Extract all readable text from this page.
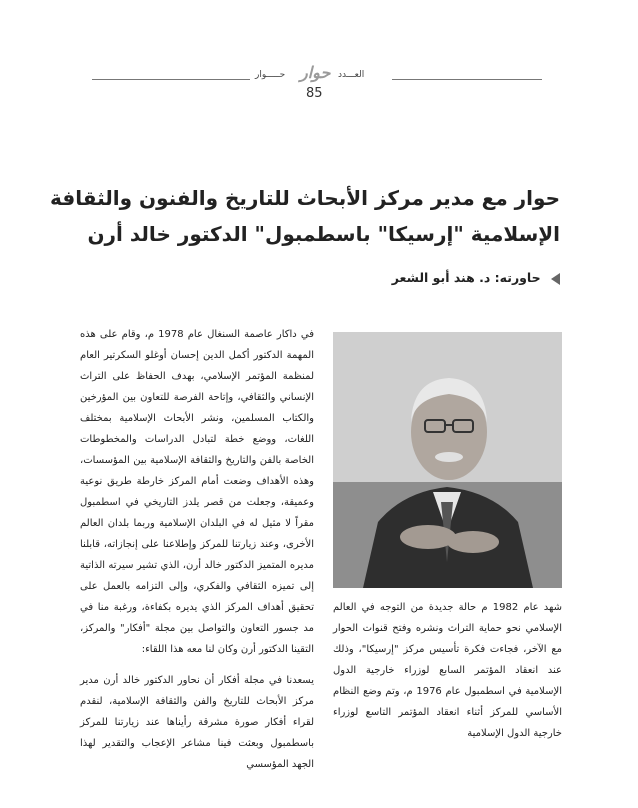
العـــدد
حوار
حـــــوار
85
حوار مع مدير مركز الأبحاث للتاريخ والفنون والثقافة
الإسلامية "إرسيكا" باسطمبول" الدكتور خالد أرن
حاورته: د. هند أبو الشعر

في داكار عاصمة السنغال عام 1978 م، وقام على هذه المهمة الدكتور أكمل الدين إحسان أوغلو السكرتير العام لمنظمة المؤتمر الإسلامي، بهدف الحفاظ على التراث الإنساني والثقافي، وإتاحة الفرصة للتعاون بين المؤرخين والكتاب المسلمين، ونشر الأبحاث الإسلامية بمختلف اللغات، ووضع خطة لتبادل الدراسات والمخطوطات الخاصة بالفن والتاريخ والثقافة الإسلامية بين المؤسسات، وهذه الأهداف وضعت أمام المركز خارطة طريق نوعية وعميقة، وجعلت من قصر يلدز التاريخي في اسطمبول مقراً لا مثيل له في البلدان الإسلامية وربما بلدان العالم الأخرى، وعند زيارتنا للمركز وإطلاعنا على إنجازاته، قابلنا مديره المتميز الدكتور خالد أرن، الذي تشير سيرته الذاتية إلى تميزه الثقافي والفكري، وإلى التزامه بالعمل على تحقيق أهداف المركز الذي يديره بكفاءة، ورغبة منا في مد جسور التعاون والتواصل بين مجلة "أفكار" والمركز، التقينا الدكتور أرن وكان لنا معه هذا اللقاء:

يسعدنا في مجلة أفكار أن نحاور الدكتور خالد أرن مدير مركز الأبحاث للتاريخ والفن والثقافة الإسلامية، لنقدم لقراء أفكار صورة مشرقة رأيناها عند زيارتنا للمركز باسطمبول وبعثت فينا مشاعر الإعجاب والتقدير لهذا الجهد المؤسسي

شهد عام 1982 م حالة جديدة من التوجه في العالم الإسلامي نحو حماية التراث ونشره وفتح قنوات الحوار مع الآخر، فجاءت فكرة تأسيس مركز "إرسيكا"، وذلك عند انعقاد المؤتمر السابع لوزراء خارجية الدول الإسلامية في اسطمبول عام 1976 م، وتم وضع النظام الأساسي للمركز أثناء انعقاد المؤتمر التاسع لوزراء خارجية الدول الإسلامية
